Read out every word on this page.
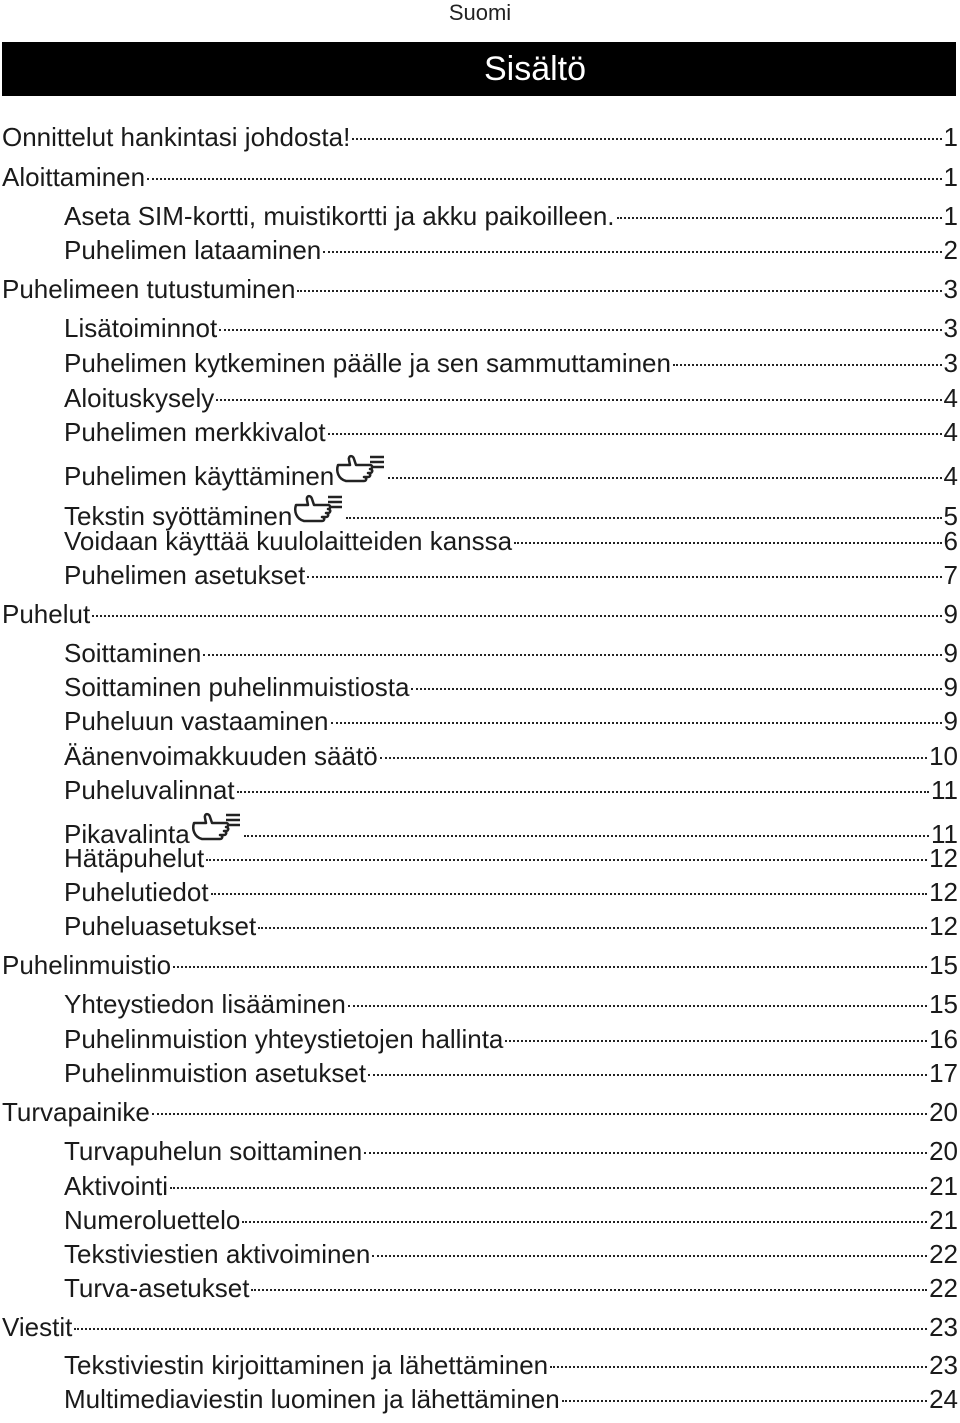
Suomi
Sisältö
Onnittelut hankintasi johdosta!	1
Aloittaminen	1
Aseta SIM-kortti, muistikortti ja akku paikoilleen.	1
Puhelimen lataaminen	2
Puhelimeen tutustuminen	3
Lisätoiminnot	3
Puhelimen kytkeminen päälle ja sen sammuttaminen	3
Aloituskysely	4
Puhelimen merkkivalot	4
Puhelimen käyttäminen	4
Tekstin syöttäminen	5
Voidaan käyttää kuulolaitteiden kanssa	6
Puhelimen asetukset	7
Puhelut	9
Soittaminen	9
Soittaminen puhelinmuistiosta	9
Puheluun vastaaminen	9
Äänenvoimakkuuden säätö	10
Puheluvalinnat	11
Pikavalinta	11
Hätäpuhelut	12
Puhelutiedot	12
Puheluasetukset	12
Puhelinmuistio	15
Yhteystiedon lisääminen	15
Puhelinmuistion yhteystietojen hallinta	16
Puhelinmuistion asetukset	17
Turvapainike	20
Turvapuhelun soittaminen	20
Aktivointi	21
Numeroluettelo	21
Tekstiviestien aktivoiminen	22
Turva-asetukset	22
Viestit	23
Tekstiviestin kirjoittaminen ja lähettäminen	23
Multimediaviestin luominen ja lähettäminen	24
